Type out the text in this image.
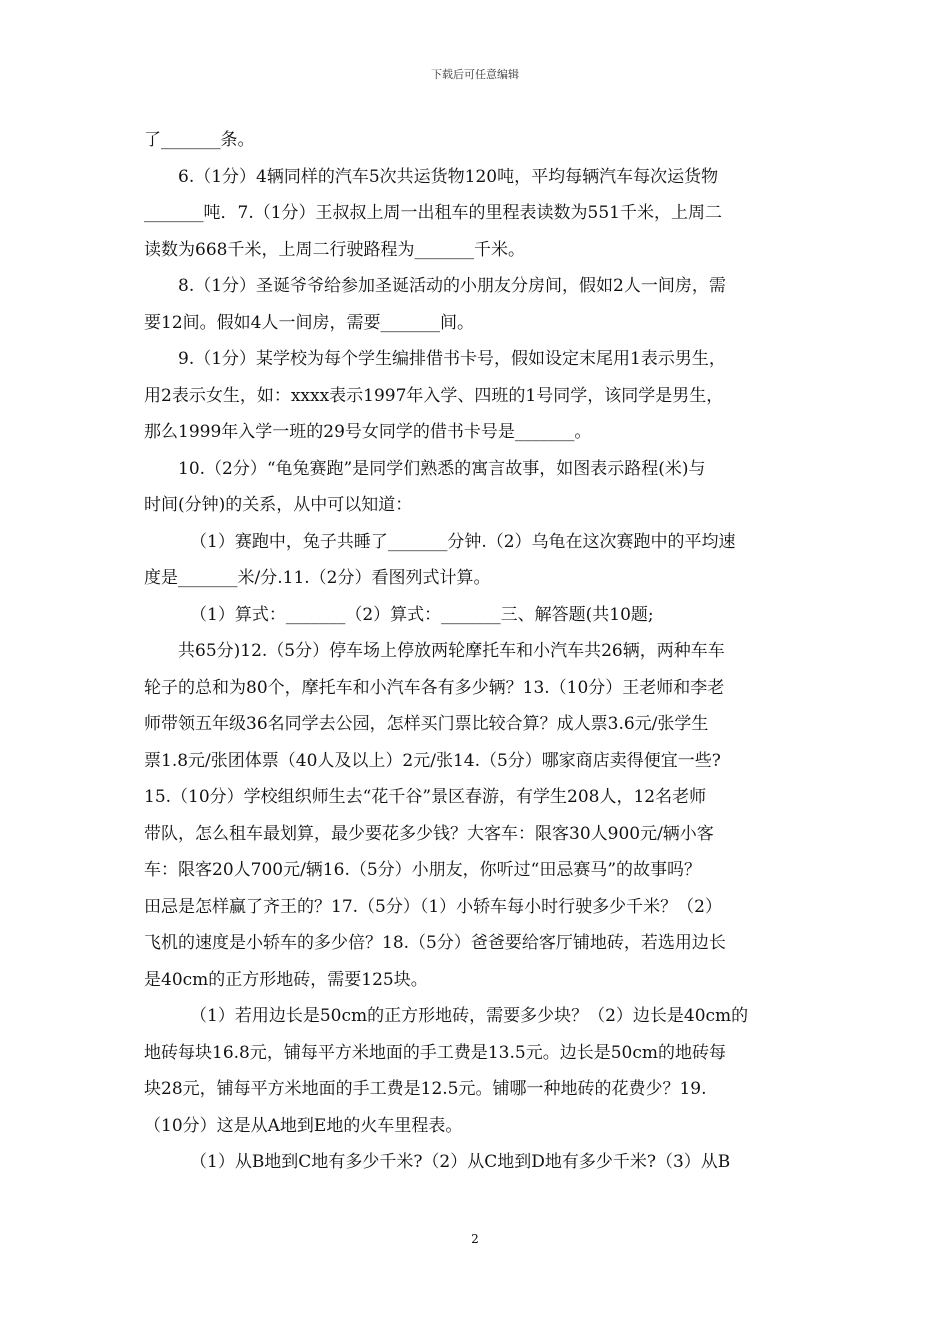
下载后可任意编辑
了_______条。
6.（1分）4辆同样的汽车5次共运货物120吨，平均每辆汽车每次运货物
_______吨．7.（1分）王叔叔上周一出租车的里程表读数为551千米，上周二
读数为668千米，上周二行驶路程为_______千米。
8.（1分）圣诞爷爷给参加圣诞活动的小朋友分房间，假如2人一间房，需
要12间。假如4人一间房，需要_______间。
9.（1分）某学校为每个学生编排借书卡号，假如设定末尾用1表示男生，
用2表示女生，如：xxxx表示1997年入学、四班的1号同学，该同学是男生，
那么1999年入学一班的29号女同学的借书卡号是_______。
10.（2分）“龟兔赛跑”是同学们熟悉的寓言故事，如图表示路程(米)与
时间(分钟)的关系，从中可以知道：
（1）赛跑中，兔子共睡了_______分钟.（2）乌龟在这次赛跑中的平均速
度是_______米/分.11.（2分）看图列式计算。
（1）算式：_______（2）算式：_______三、解答题(共10题;
共65分)12.（5分）停车场上停放两轮摩托车和小汽车共26辆，两种车车
轮子的总和为80个，摩托车和小汽车各有多少辆？13.（10分）王老师和李老
师带领五年级36名同学去公园，怎样买门票比较合算？成人票3.6元/张学生
票1.8元/张团体票（40人及以上）2元/张14.（5分）哪家商店卖得便宜一些?
15.（10分）学校组织师生去“花千谷”景区春游，有学生208人，12名老师
带队，怎么租车最划算，最少要花多少钱？大客车：限客30人900元/辆小客
车：限客20人700元/辆16.（5分）小朋友，你听过“田忌赛马”的故事吗？
田忌是怎样赢了齐王的？17.（5分）（1）小轿车每小时行驶多少千米？（2）
飞机的速度是小轿车的多少倍？18.（5分）爸爸要给客厅铺地砖，若选用边长
是40cm的正方形地砖，需要125块。
（1）若用边长是50cm的正方形地砖，需要多少块？（2）边长是40cm的
地砖每块16.8元，铺每平方米地面的手工费是13.5元。边长是50cm的地砖每
块28元，铺每平方米地面的手工费是12.5元。铺哪一种地砖的花费少？19.
（10分）这是从A地到E地的火车里程表。
（1）从B地到C地有多少千米?（2）从C地到D地有多少千米?（3）从B
2
